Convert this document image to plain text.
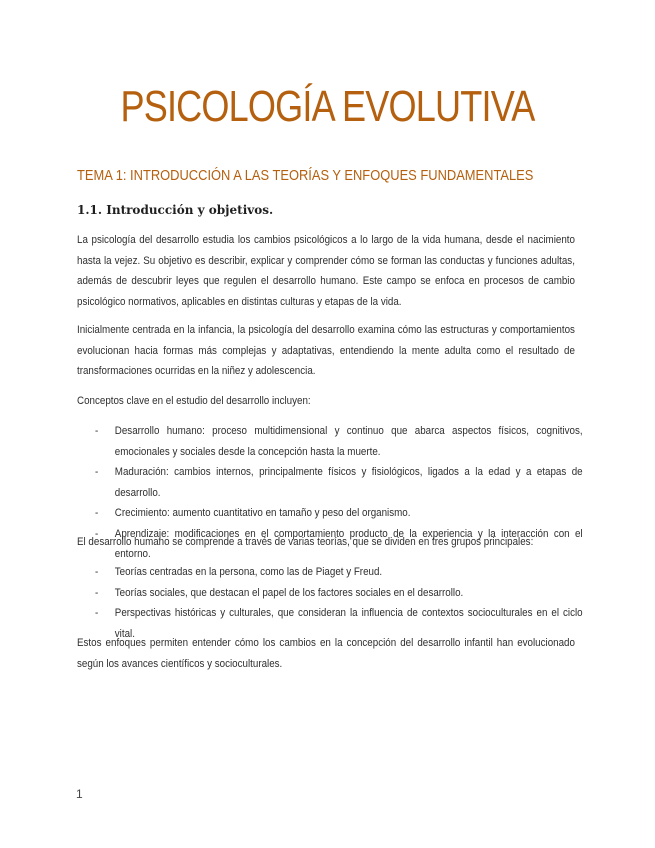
PSICOLOGÍA EVOLUTIVA
TEMA 1: INTRODUCCIÓN A LAS TEORÍAS Y ENFOQUES FUNDAMENTALES
1.1. Introducción y objetivos.

La psicología del desarrollo estudia los cambios psicológicos a lo largo de la vida humana, desde el nacimiento hasta la vejez. Su objetivo es describir, explicar y comprender cómo se forman las conductas y funciones adultas, además de descubrir leyes que regulen el desarrollo humano. Este campo se enfoca en procesos de cambio psicológico normativos, aplicables en distintas culturas y etapas de la vida.

Inicialmente centrada en la infancia, la psicología del desarrollo examina cómo las estructuras y comportamientos evolucionan hacia formas más complejas y adaptativas, entendiendo la mente adulta como el resultado de transformaciones ocurridas en la niñez y adolescencia.

Conceptos clave en el estudio del desarrollo incluyen:

- Desarrollo humano: proceso multidimensional y continuo que abarca aspectos físicos, cognitivos, emocionales y sociales desde la concepción hasta la muerte.
- Maduración: cambios internos, principalmente físicos y fisiológicos, ligados a la edad y a etapas de desarrollo.
- Crecimiento: aumento cuantitativo en tamaño y peso del organismo.
- Aprendizaje: modificaciones en el comportamiento producto de la experiencia y la interacción con el entorno.

El desarrollo humano se comprende a través de varias teorías, que se dividen en tres grupos principales:

- Teorías centradas en la persona, como las de Piaget y Freud.
- Teorías sociales, que destacan el papel de los factores sociales en el desarrollo.
- Perspectivas históricas y culturales, que consideran la influencia de contextos socioculturales en el ciclo vital.

Estos enfoques permiten entender cómo los cambios en la concepción del desarrollo infantil han evolucionado según los avances científicos y socioculturales.

1
